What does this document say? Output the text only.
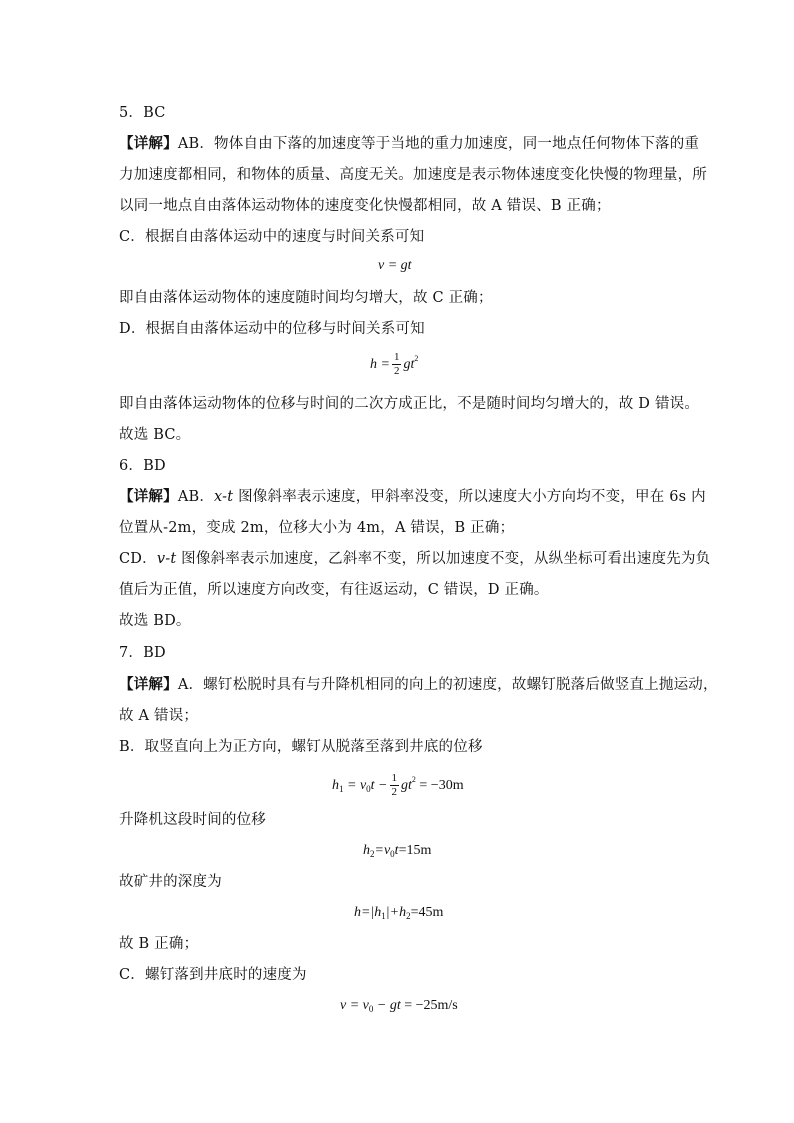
5．BC
【详解】AB．物体自由下落的加速度等于当地的重力加速度，同一地点任何物体下落的重
力加速度都相同，和物体的质量、高度无关。加速度是表示物体速度变化快慢的物理量，所
以同一地点自由落体运动物体的速度变化快慢都相同，故 A 错误、B 正确；
C．根据自由落体运动中的速度与时间关系可知
v = gt
即自由落体运动物体的速度随时间均匀增大，故 C 正确；
D．根据自由落体运动中的位移与时间关系可知
$h = \frac{1}{2} gt^2$
即自由落体运动物体的位移与时间的二次方成正比，不是随时间均匀增大的，故 D 错误。
故选 BC。
6．BD
【详解】AB．x-t 图像斜率表示速度，甲斜率没变，所以速度大小方向均不变，甲在 6s 内
位置从-2m，变成 2m，位移大小为 4m，A 错误，B 正确；
CD．v-t 图像斜率表示加速度，乙斜率不变，所以加速度不变，从纵坐标可看出速度先为负
值后为正值，所以速度方向改变，有往返运动，C 错误，D 正确。
故选 BD。
7．BD
【详解】A．螺钉松脱时具有与升降机相同的向上的初速度，故螺钉脱落后做竖直上抛运动，
故 A 错误；
B．取竖直向上为正方向，螺钉从脱落至落到井底的位移
$h_1 = v_0t - \frac{1}{2} gt^2 = -30m$
升降机这段时间的位移
$h_2=v_0t=15m$
故矿井的深度为
$h=|h_1|+h_2=45m$
故 B 正确；
C．螺钉落到井底时的速度为
$v = v_0$ − gt = −25m/s
